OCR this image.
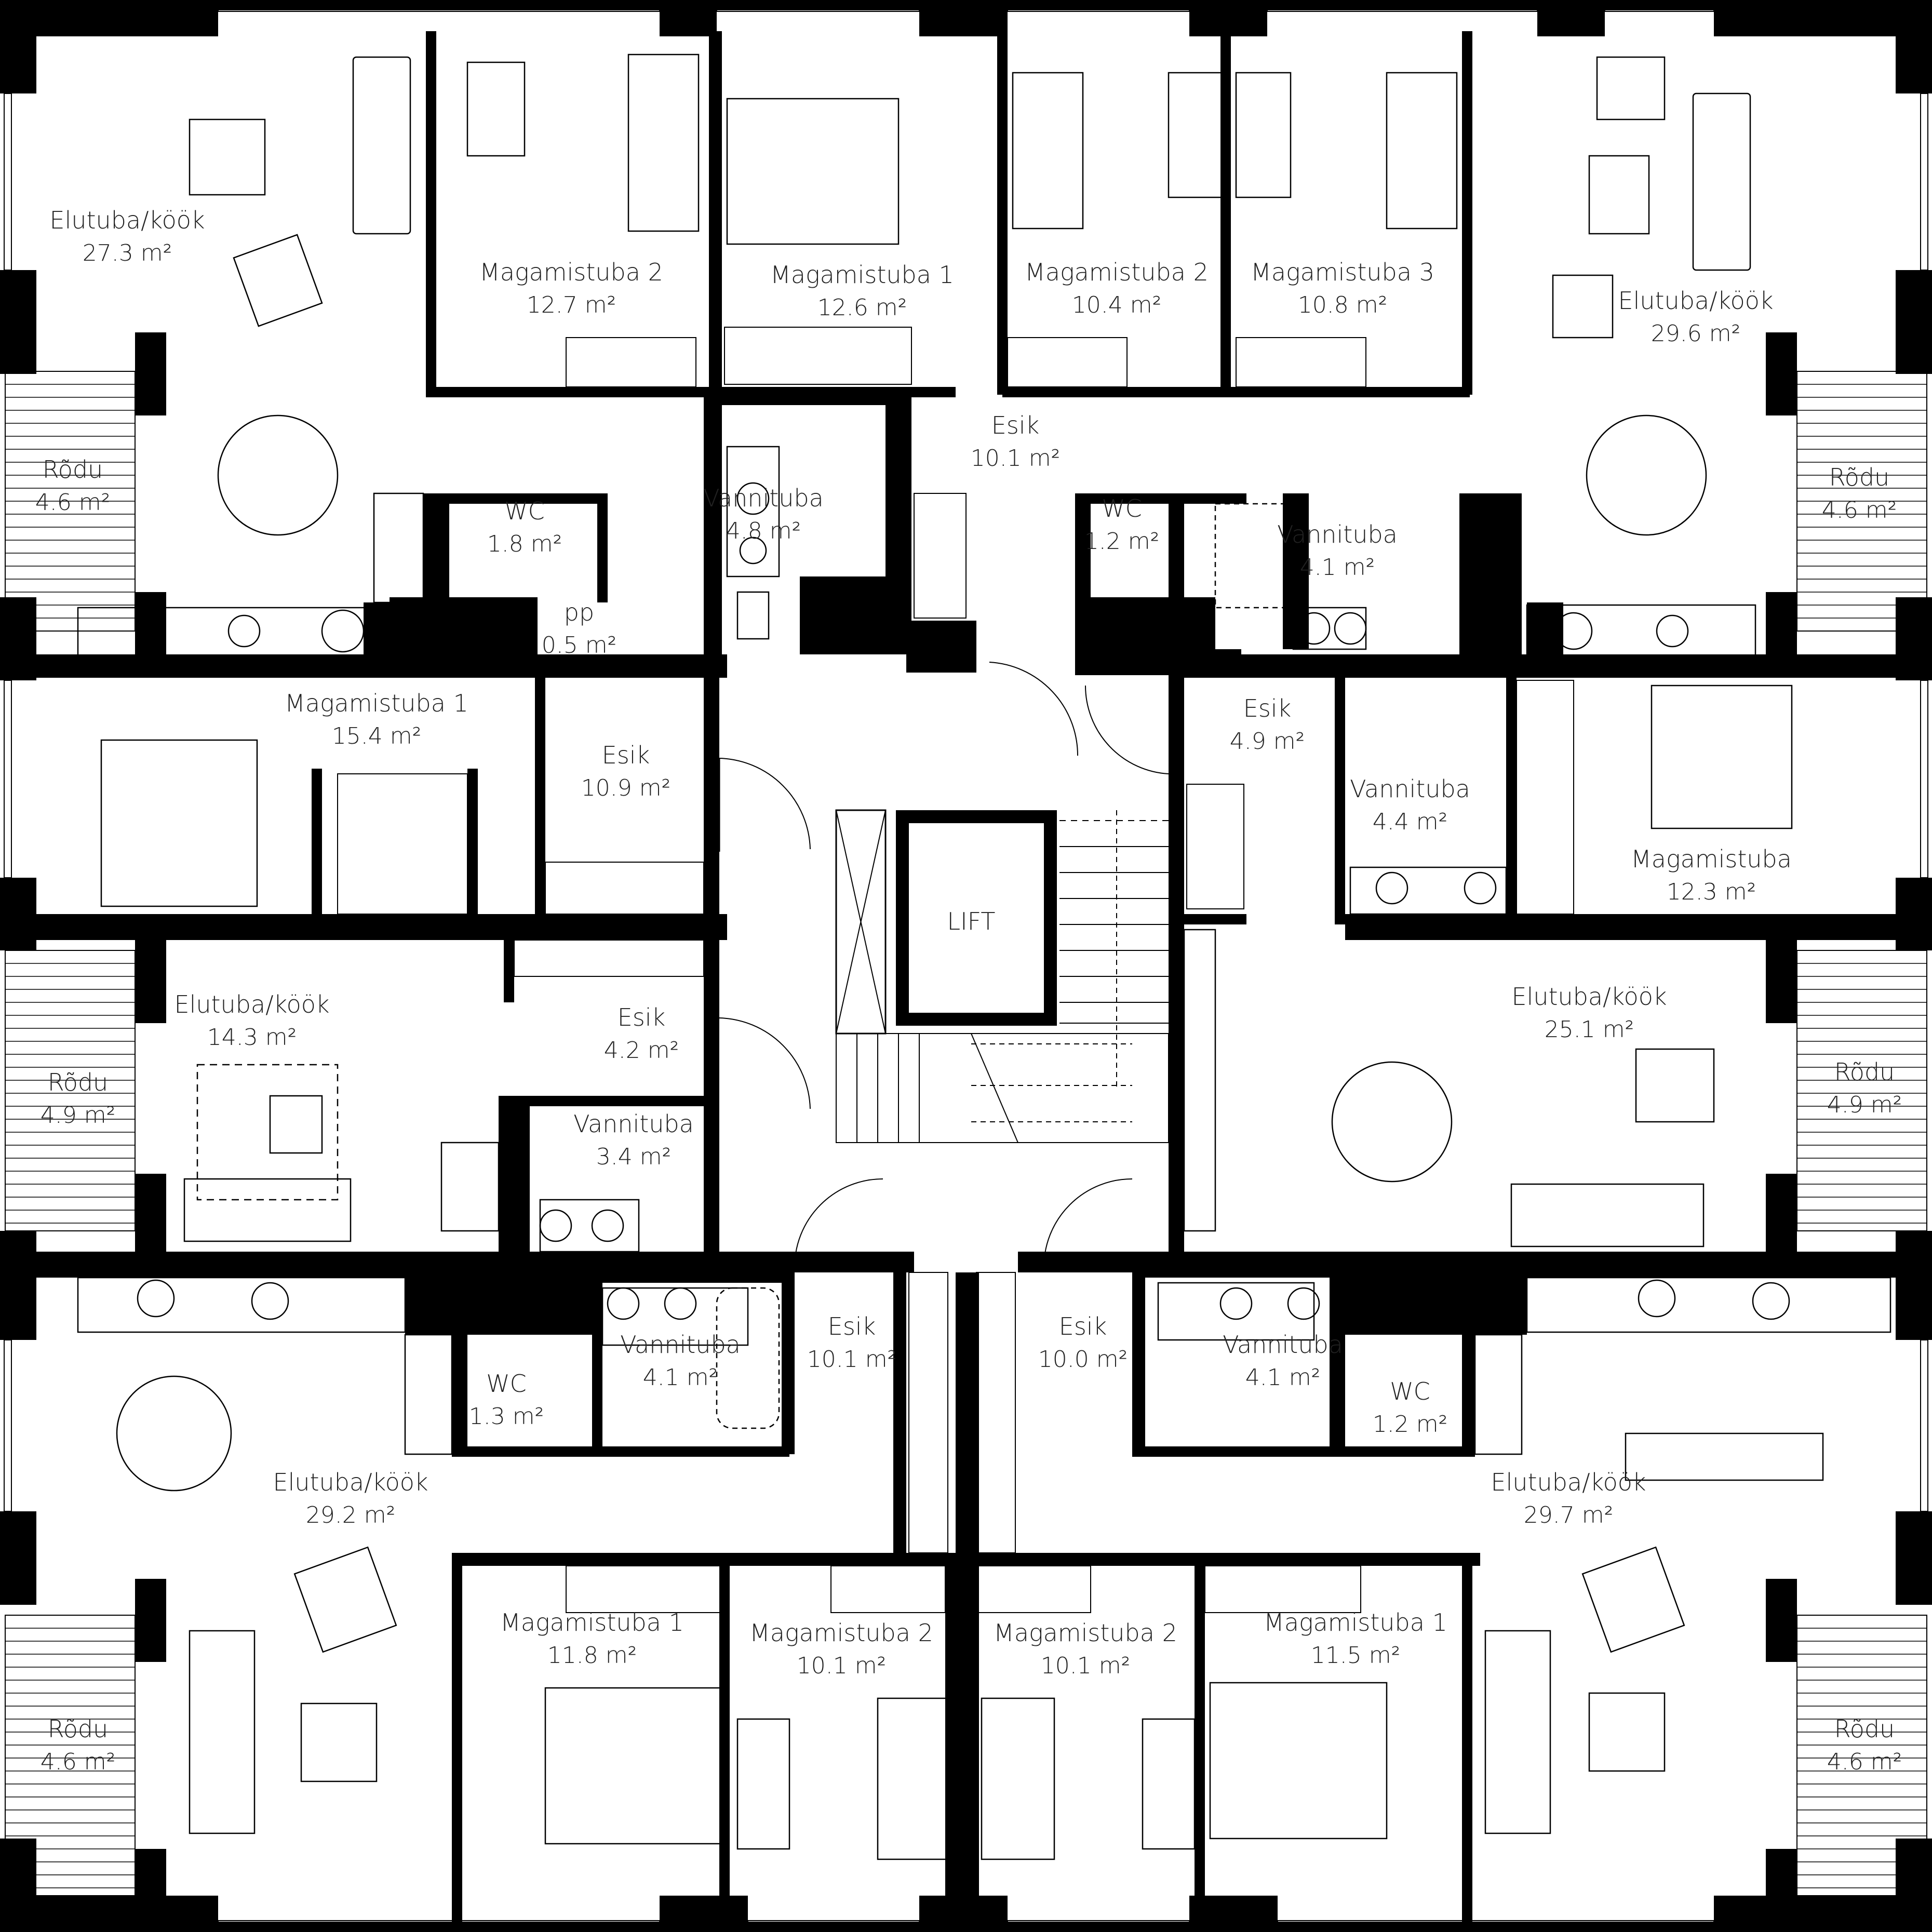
LIFT
Elutuba/köök
27.3 m²
Magamistuba 2
12.7 m²
Magamistuba 1
12.6 m²
Magamistuba 2
10.4 m²
Magamistuba 3
10.8 m²	Elutuba/köök
29.6 m²
Rõdu
4.6 m²	WC
1.8 m²
pp
0.5 m²
Vannituba
4.8 m²
Esik
10.1 m²
WC
1.2 m²	Vannituba
4.1 m²
Rõdu
4.6 m²
Magamistuba 1
15.4 m²
Esik
10.9 m²
Esik
4.9 m²
Vannituba
4.4 m²
Magamistuba
12.3 m²
Elutuba/köök
14.3 m²
Esik
4.2 m²
Rõdu
4.9 m²	Vannituba
3.4 m²
Elutuba/köök
25.1 m²
Rõdu
4.9 m²
Esik
10.1 m²
Esik
10.0 m²
Vannituba
4.1 m²
Vannituba
4.1 m²
WC
1.3 m²
WC
1.2 m²
Elutuba/köök
29.2 m²
Elutuba/köök
29.7 m²
Magamistuba 1
11.8 m²
Magamistuba 2
10.1 m²
Magamistuba 2
10.1 m²
Magamistuba 1
11.5 m²
Rõdu
4.6 m²
Rõdu
4.6 m²
